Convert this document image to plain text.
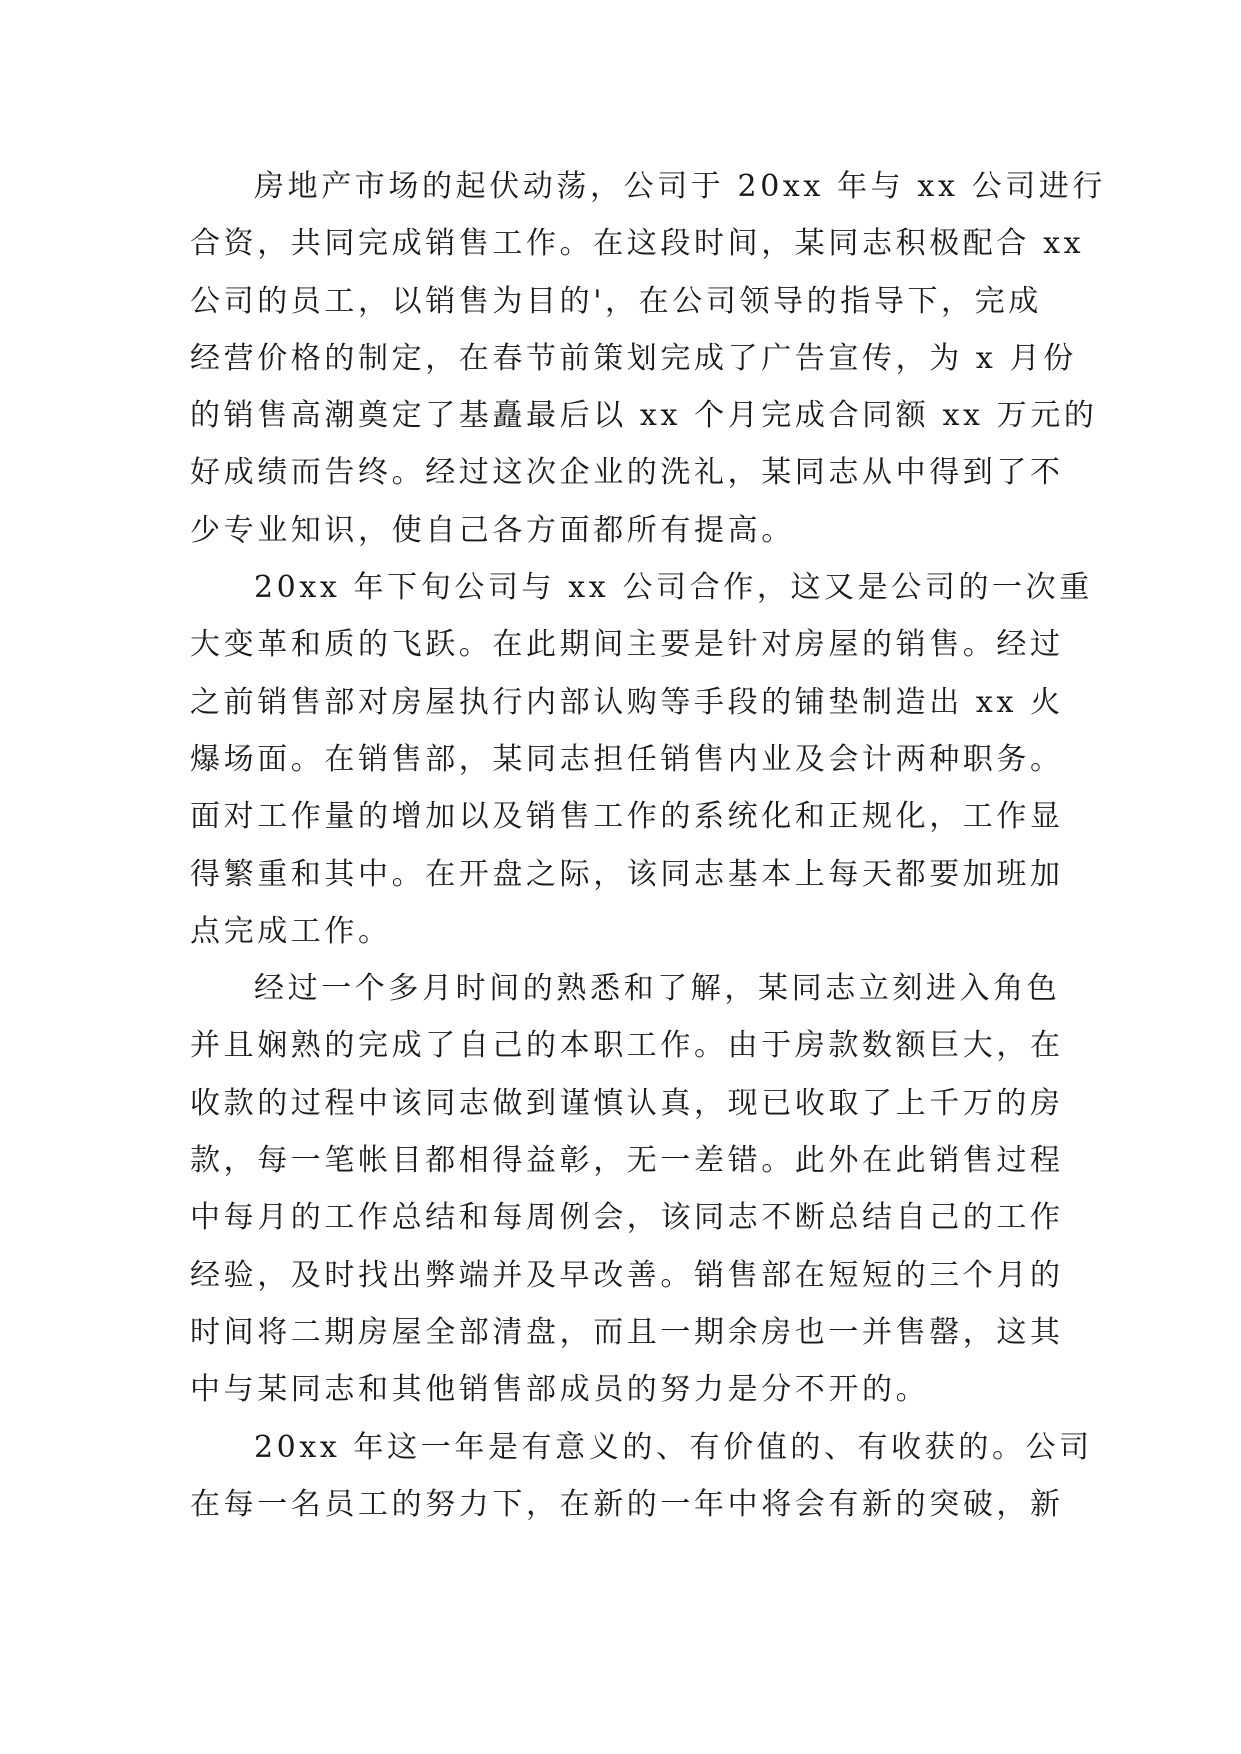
房地产市场的起伏动荡，公司于 20xx 年与 xx 公司进行
合资，共同完成销售工作。在这段时间，某同志积极配合 xx
公司的员工，以销售为目的'，在公司领导的指导下，完成
经营价格的制定，在春节前策划完成了广告宣传，为 x 月份
的销售高潮奠定了基矗最后以 xx 个月完成合同额 xx 万元的
好成绩而告终。经过这次企业的洗礼，某同志从中得到了不
少专业知识，使自己各方面都所有提高。
20xx 年下旬公司与 xx 公司合作，这又是公司的一次重
大变革和质的飞跃。在此期间主要是针对房屋的销售。经过
之前销售部对房屋执行内部认购等手段的铺垫制造出 xx 火
爆场面。在销售部，某同志担任销售内业及会计两种职务。
面对工作量的增加以及销售工作的系统化和正规化，工作显
得繁重和其中。在开盘之际，该同志基本上每天都要加班加
点完成工作。
经过一个多月时间的熟悉和了解，某同志立刻进入角色
并且娴熟的完成了自己的本职工作。由于房款数额巨大，在
收款的过程中该同志做到谨慎认真，现已收取了上千万的房
款，每一笔帐目都相得益彰，无一差错。此外在此销售过程
中每月的工作总结和每周例会，该同志不断总结自己的工作
经验，及时找出弊端并及早改善。销售部在短短的三个月的
时间将二期房屋全部清盘，而且一期余房也一并售罄，这其
中与某同志和其他销售部成员的努力是分不开的。
20xx 年这一年是有意义的、有价值的、有收获的。公司
在每一名员工的努力下，在新的一年中将会有新的突破，新
